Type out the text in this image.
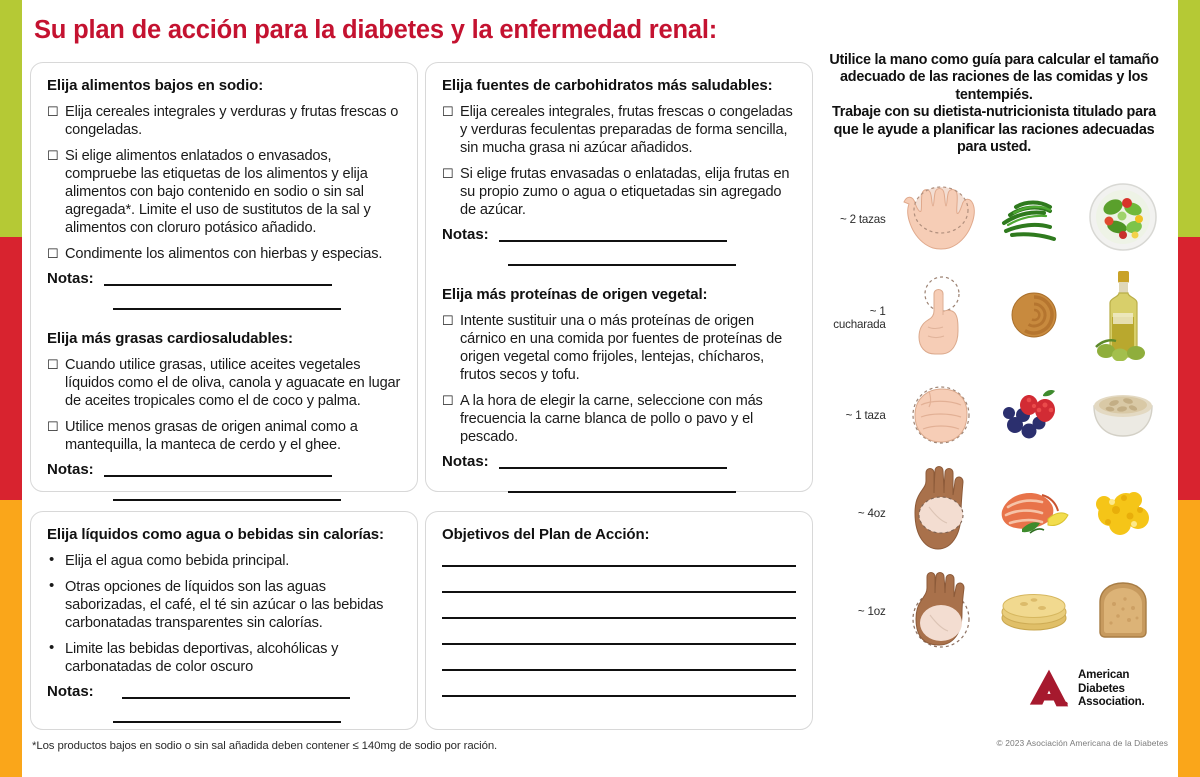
Su plan de acción para la diabetes y la enfermedad renal:
Elija alimentos bajos en sodio:
☐ Elija cereales integrales y verduras y frutas frescas o congeladas.
☐ Si elige alimentos enlatados o envasados, compruebe las etiquetas de los alimentos y elija alimentos con bajo contenido en sodio o sin sal agregada*. Limite el uso de sustitutos de la sal y alimentos con cloruro potásico añadido.
☐ Condimente los alimentos con hierbas y especias.
Notas:
Elija más grasas cardiosaludables:
☐ Cuando utilice grasas, utilice aceites vegetales líquidos como el de oliva, canola y aguacate en lugar de aceites tropicales como el de coco y palma.
☐ Utilice menos grasas de origen animal como a mantequilla, la manteca de cerdo y el ghee.
Notas:
Elija fuentes de carbohidratos más saludables:
☐ Elija cereales integrales, frutas frescas o congeladas y verduras feculentas preparadas de forma sencilla, sin mucha grasa ni azúcar añadidos.
☐ Si elige frutas envasadas o enlatadas, elija frutas en su propio zumo o agua o etiquetadas sin agregado de azúcar.
Notas:
Elija más proteínas de origen vegetal:
☐ Intente sustituir una o más proteínas de origen cárnico en una comida por fuentes de proteínas de origen vegetal como frijoles, lentejas, chícharos, frutos secos y tofu.
☐ A la hora de elegir la carne, seleccione con más frecuencia la carne blanca de pollo o pavo y el pescado.
Notas:
Elija líquidos como agua o bebidas sin calorías:
• Elija el agua como bebida principal.
• Otras opciones de líquidos son las aguas saborizadas, el café, el té sin azúcar o las bebidas carbonatadas transparentes sin calorías.
• Limite las bebidas deportivas, alcohólicas y carbonatadas de color oscuro
Notas:
Objetivos del Plan de Acción:
*Los productos bajos en sodio o sin sal añadida deben contener ≤ 140mg de sodio por ración.	© 2023 Asociación Americana de la Diabetes
Utilice la mano como guía para calcular el tamaño adecuado de las raciones de las comidas y los tentempiés.
Trabaje con su dietista-nutricionista titulado para que le ayude a planificar las raciones adecuadas para usted.
~ 2 tazas
~ 1 cucharada
~ 1 taza
~ 4oz
~ 1oz
American
Diabetes
Association.
